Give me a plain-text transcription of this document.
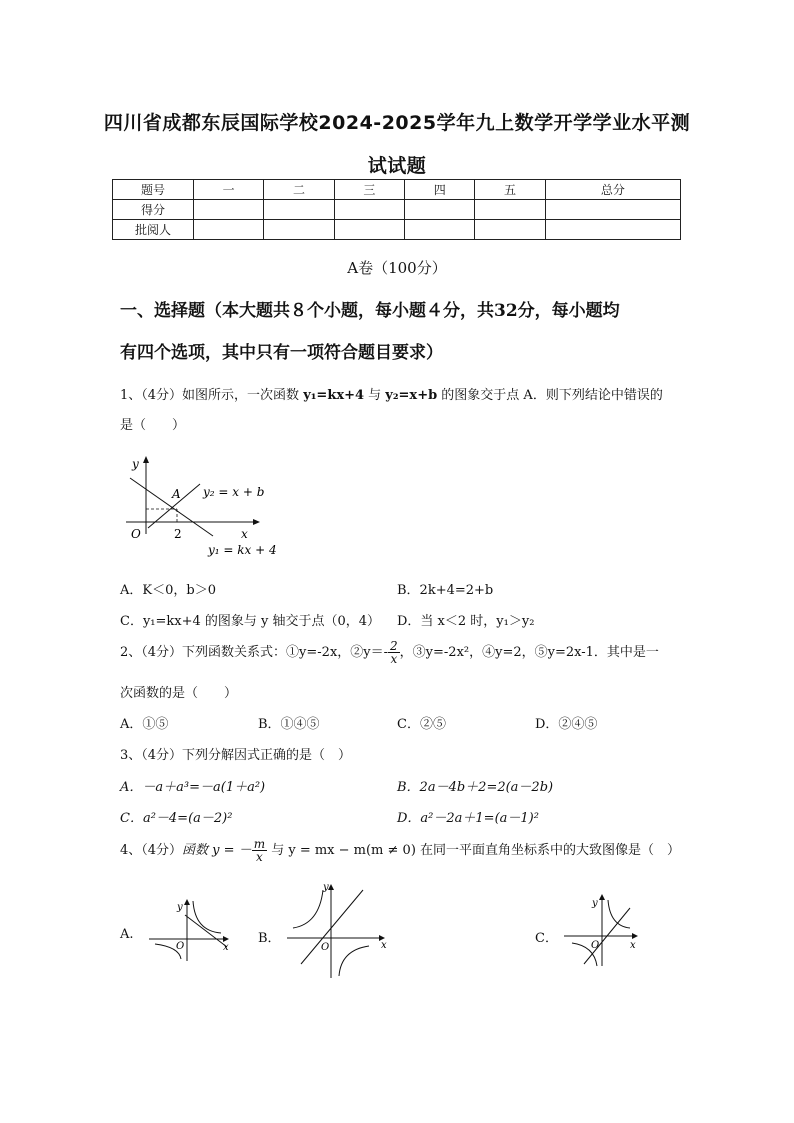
四川省成都东辰国际学校2024-2025学年九上数学开学学业水平测
试试题
题号	一	二	三	四	五	总分
得分						
批阅人						
A卷（100分）
一、选择题（本大题共８个小题，每小题４分，共32分，每小题均
有四个选项，其中只有一项符合题目要求）
1、（4分）如图所示，一次函数 y₁=kx+4 与 y₂=x+b 的图象交于点 A．则下列结论中错误的
是（　　）
y
x
O
A
2
y₂ = x + b
y₁ = kx + 4
A．K＜0，b＞0	B．2k+4=2+b
C．y₁=kx+4 的图象与 y 轴交于点（0，4） D．当 x＜2 时，y₁＞y₂
2、（4分）下列函数关系式：①y=-2x，②y＝- $\frac{2}{x}$ ，③y=-2x²，④y=2，⑤y=2x-1．其中是一
次函数的是（　　）
A．①⑤	B．①④⑤	C．②⑤	D．②④⑤
3、（4分）下列分解因式正确的是（　）
A．－a＋a³=－a(1＋a²)	B．2a－4b＋2=2(a－2b)
C．a²－4=(a－2)²	D．a²－2a＋1=(a－1)²
4、（4分）函数 y = － $\frac{m}{x}$ 与 y = mx − m(m ≠ 0) 在同一平面直角坐标系中的大致图像是（　）
A.
y
x
O
B．
y
x
O
C．
y
x
O
